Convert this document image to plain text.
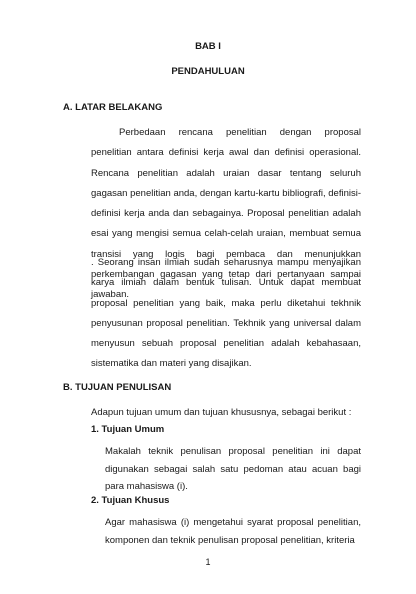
BAB I
PENDAHULUAN
A. LATAR BELAKANG
Perbedaan rencana penelitian dengan proposal penelitian antara definisi kerja awal dan definisi operasional. Rencana penelitian adalah uraian dasar tentang seluruh gagasan penelitian anda, dengan kartu-kartu bibliografi, definisi-definisi kerja anda dan sebagainya. Proposal penelitian adalah esai yang mengisi semua celah-celah uraian, membuat semua transisi yang logis bagi pembaca dan menunjukkan perkembangan gagasan yang tetap dari pertanyaan sampai jawaban.
. Seorang insan ilmiah sudah seharusnya mampu menyajikan karya ilmiah dalam bentuk tulisan. Untuk dapat membuat proposal penelitian yang baik, maka perlu diketahui tekhnik penyusunan proposal penelitian. Tekhnik yang universal dalam menyusun sebuah proposal penelitian adalah kebahasaan, sistematika dan materi yang disajikan.
B. TUJUAN PENULISAN
Adapun tujuan umum dan tujuan khususnya, sebagai berikut :
1. Tujuan Umum
Makalah teknik penulisan proposal penelitian ini dapat digunakan sebagai salah satu pedoman atau acuan bagi para mahasiswa (i).
2. Tujuan Khusus
Agar mahasiswa (i) mengetahui syarat proposal penelitian, komponen dan teknik penulisan proposal penelitian, kriteria
1
